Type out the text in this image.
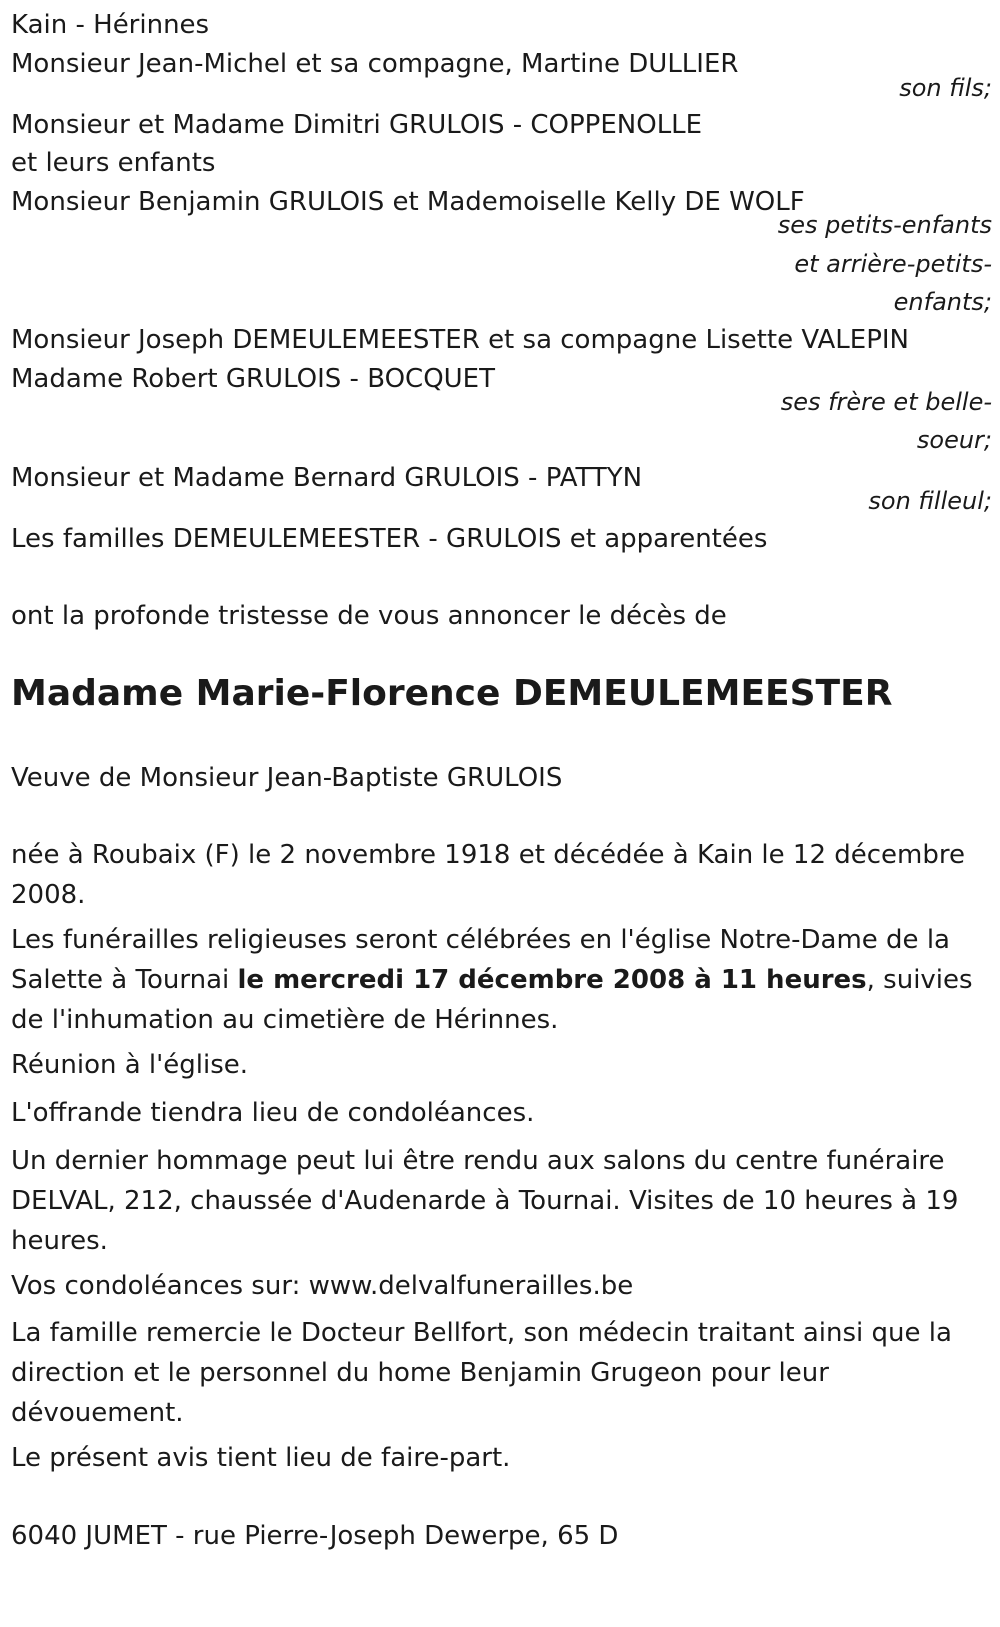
Kain - Hérinnes
Monsieur Jean-Michel et sa compagne, Martine DULLIER
son fils;
Monsieur et Madame Dimitri GRULOIS - COPPENOLLE
et leurs enfants
Monsieur Benjamin GRULOIS et Mademoiselle Kelly DE WOLF
ses petits-enfants
et arrière-petits-
enfants;
Monsieur Joseph DEMEULEMEESTER et sa compagne Lisette VALEPIN
Madame Robert GRULOIS - BOCQUET
ses frère et belle-
soeur;
Monsieur et Madame Bernard GRULOIS - PATTYN
son filleul;
Les familles DEMEULEMEESTER - GRULOIS et apparentées
ont la profonde tristesse de vous annoncer le décès de
Madame Marie-Florence DEMEULEMEESTER
Veuve de Monsieur Jean-Baptiste GRULOIS
née à Roubaix (F) le 2 novembre 1918 et décédée à Kain le 12 décembre 2008.
Les funérailles religieuses seront célébrées en l'église Notre-Dame de la Salette à Tournai le mercredi 17 décembre 2008 à 11 heures, suivies de l'inhumation au cimetière de Hérinnes.
Réunion à l'église.
L'offrande tiendra lieu de condoléances.
Un dernier hommage peut lui être rendu aux salons du centre funéraire DELVAL, 212, chaussée d'Audenarde à Tournai. Visites de 10 heures à 19 heures.
Vos condoléances sur: www.delvalfunerailles.be
La famille remercie le Docteur Bellfort, son médecin traitant ainsi que la direction et le personnel du home Benjamin Grugeon pour leur dévouement.
Le présent avis tient lieu de faire-part.
6040 JUMET - rue Pierre-Joseph Dewerpe, 65 D
